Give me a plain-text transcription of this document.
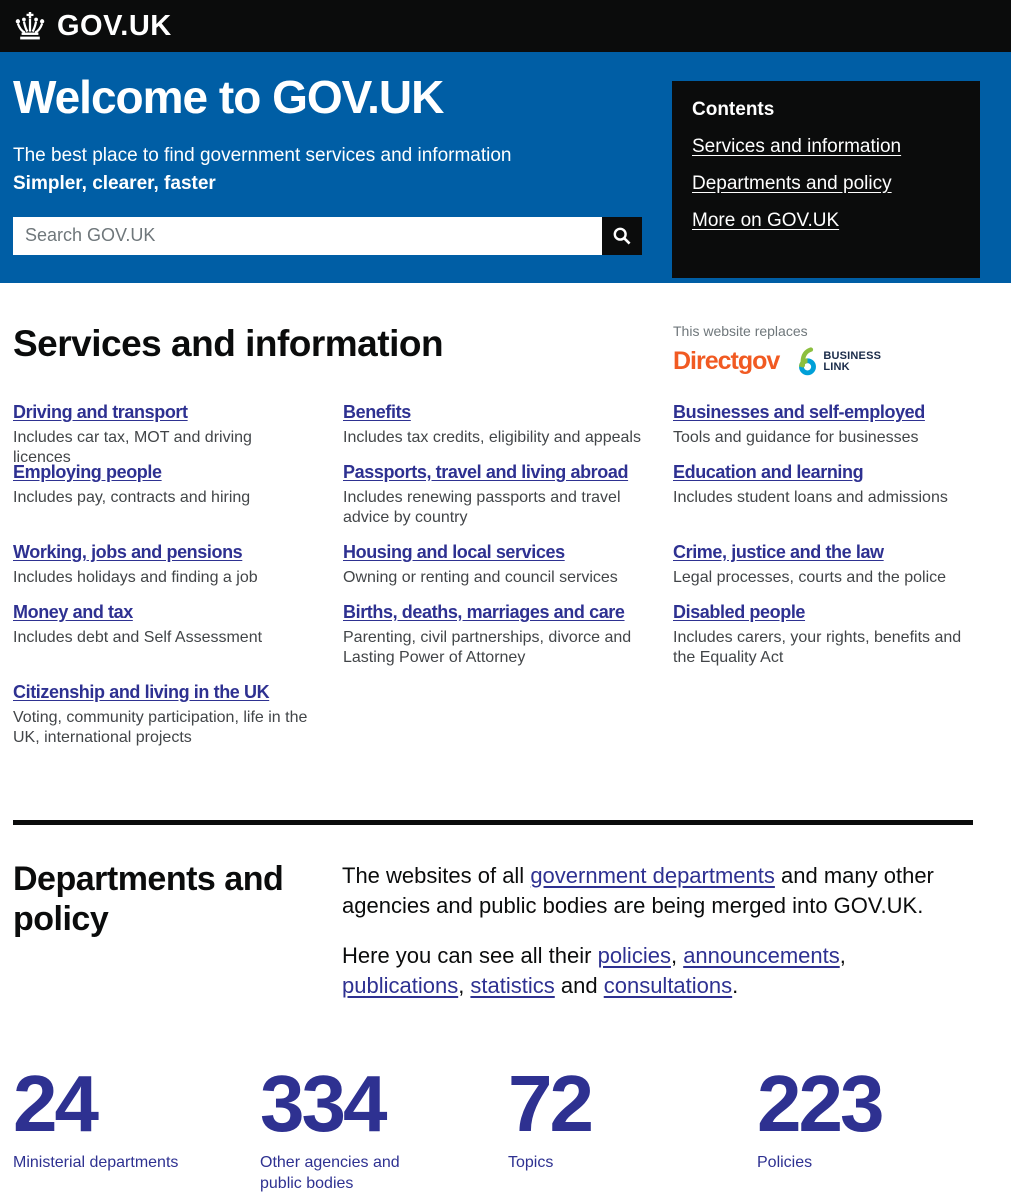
GOV.UK
Welcome to GOV.UK
The best place to find government services and information
Simpler, clearer, faster
Search GOV.UK
Contents
Services and information
Departments and policy
More on GOV.UK
Services and information	This website replaces
Directgov	BUSINESS
LINK
Driving and transport
Includes car tax, MOT and driving licences
Benefits
Includes tax credits, eligibility and appeals
Businesses and self-employed
Tools and guidance for businesses
Employing people
Includes pay, contracts and hiring
Passports, travel and living abroad
Includes renewing passports and travel advice by country
Education and learning
Includes student loans and admissions
Working, jobs and pensions
Includes holidays and finding a job
Housing and local services
Owning or renting and council services
Crime, justice and the law
Legal processes, courts and the police
Money and tax
Includes debt and Self Assessment
Births, deaths, marriages and care
Parenting, civil partnerships, divorce and Lasting Power of Attorney
Disabled people
Includes carers, your rights, benefits and the Equality Act
Citizenship and living in the UK
Voting, community participation, life in the UK, international projects
Departments and policy

The websites of all government departments and many other agencies and public bodies are being merged into GOV.UK.

Here you can see all their policies, announcements, publications, statistics and consultations.

24
Ministerial departments
334
Other agencies and public bodies
72
Topics
223
Policies
